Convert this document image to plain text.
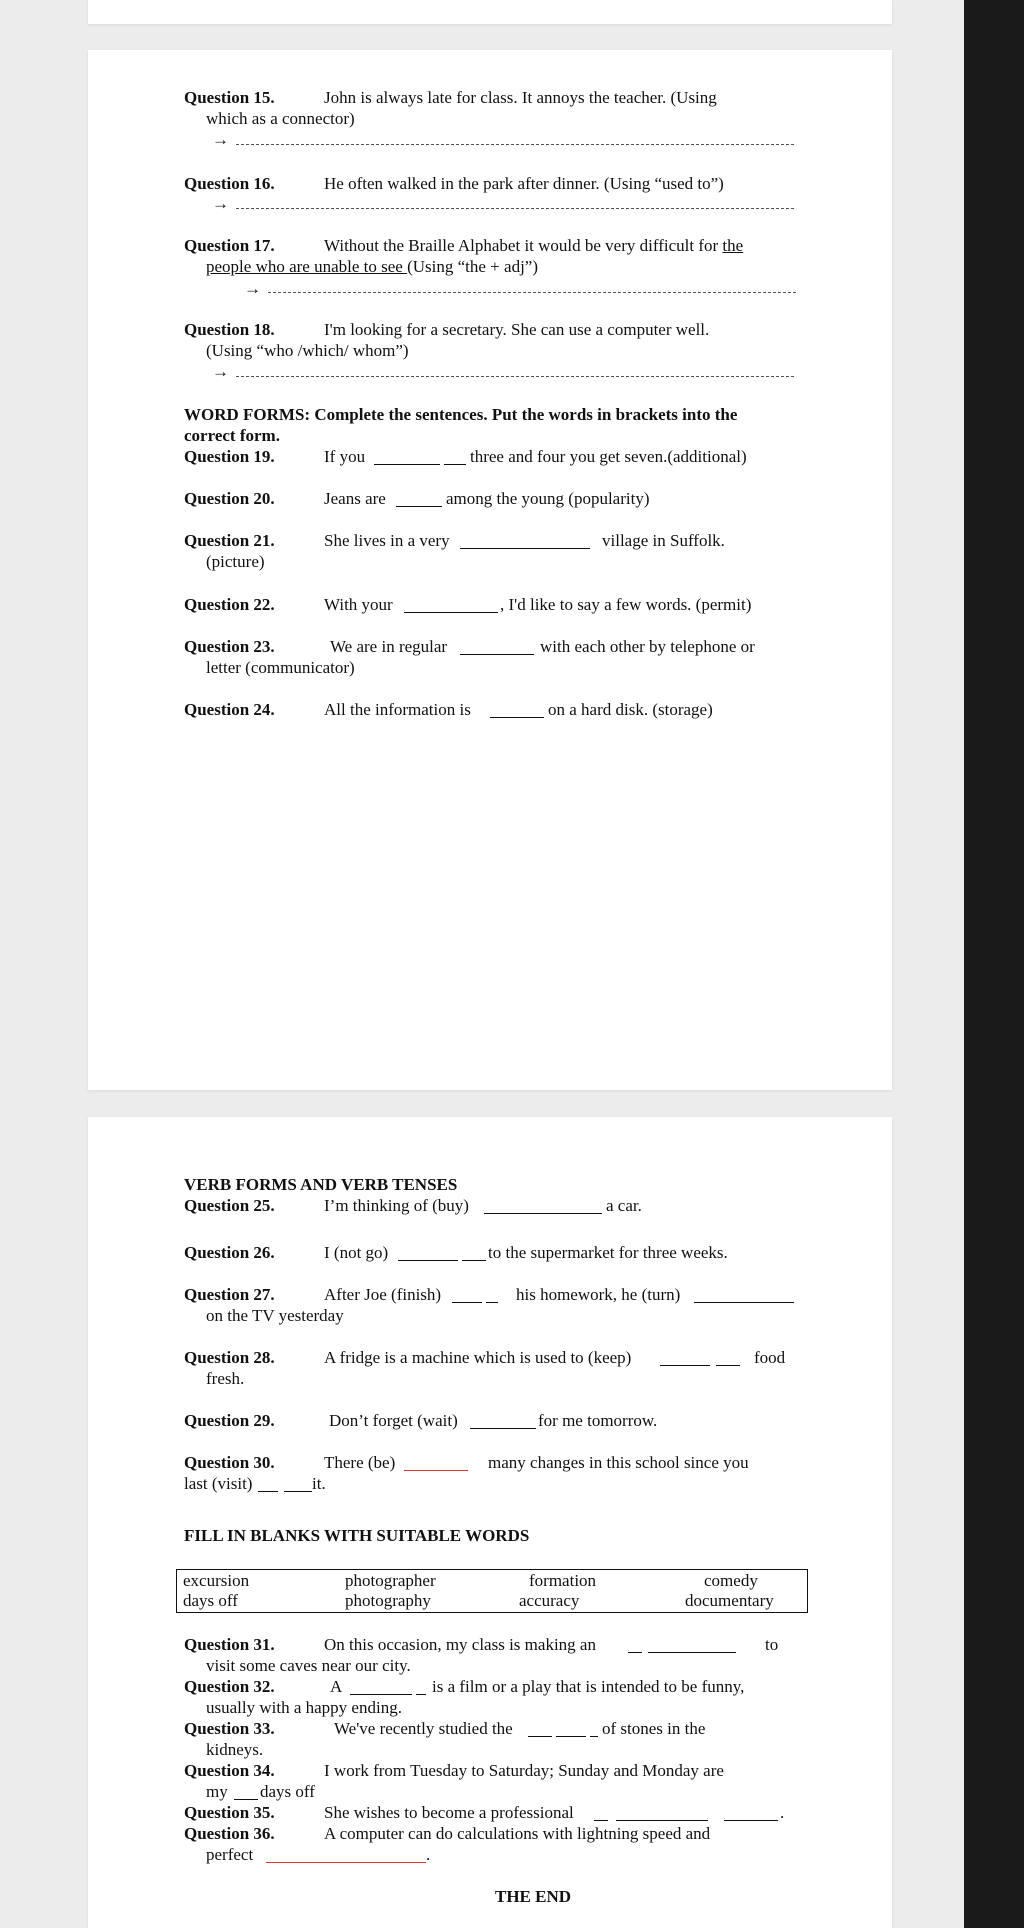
Question 15.	John is always late for class. It annoys the teacher. (Using
which as a connector)
→
Question 16.	He often walked in the park after dinner. (Using “used to”)
→
Question 17.	Without the Braille Alphabet it would be very difficult for the
people who are unable to see (Using “the + adj”)
→
Question 18.	I'm looking for a secretary. She can use a computer well.
(Using “who /which/ whom”)
→
WORD FORMS: Complete the sentences. Put the words in brackets into the
correct form.
Question 19.	If you	three and four you get seven.(additional)
Question 20.	Jeans are	among the young (popularity)
Question 21.	She lives in a very	village in Suffolk.
(picture)
Question 22.	With your	, I'd like to say a few words. (permit)
Question 23.	We are in regular	with each other by telephone or
letter (communicator)
Question 24.	All the information is	on a hard disk. (storage)
VERB FORMS AND VERB TENSES
Question 25.	I’m thinking of (buy)	a car.
Question 26.	I (not go)	to the supermarket for three weeks.
Question 27.	After Joe (finish)	his homework, he (turn)
on the TV yesterday
Question 28.	A fridge is a machine which is used to (keep)	food
fresh.
Question 29.	Don’t forget (wait)	for me tomorrow.
Question 30.	There (be)	many changes in this school since you
last (visit)	it.
FILL IN BLANKS WITH SUITABLE WORDS
excursion	photographer	formation	comedy
days off	photography	accuracy	documentary
Question 31.	On this occasion, my class is making an	to
visit some caves near our city.
Question 32.	A	is a film or a play that is intended to be funny,
usually with a happy ending.
Question 33.	We've recently studied the	of stones in the
kidneys.
Question 34.	I work from Tuesday to Saturday; Sunday and Monday are
my days off
Question 35.	She wishes to become a professional	.
Question 36.	A computer can do calculations with lightning speed and
perfect	.
THE END
